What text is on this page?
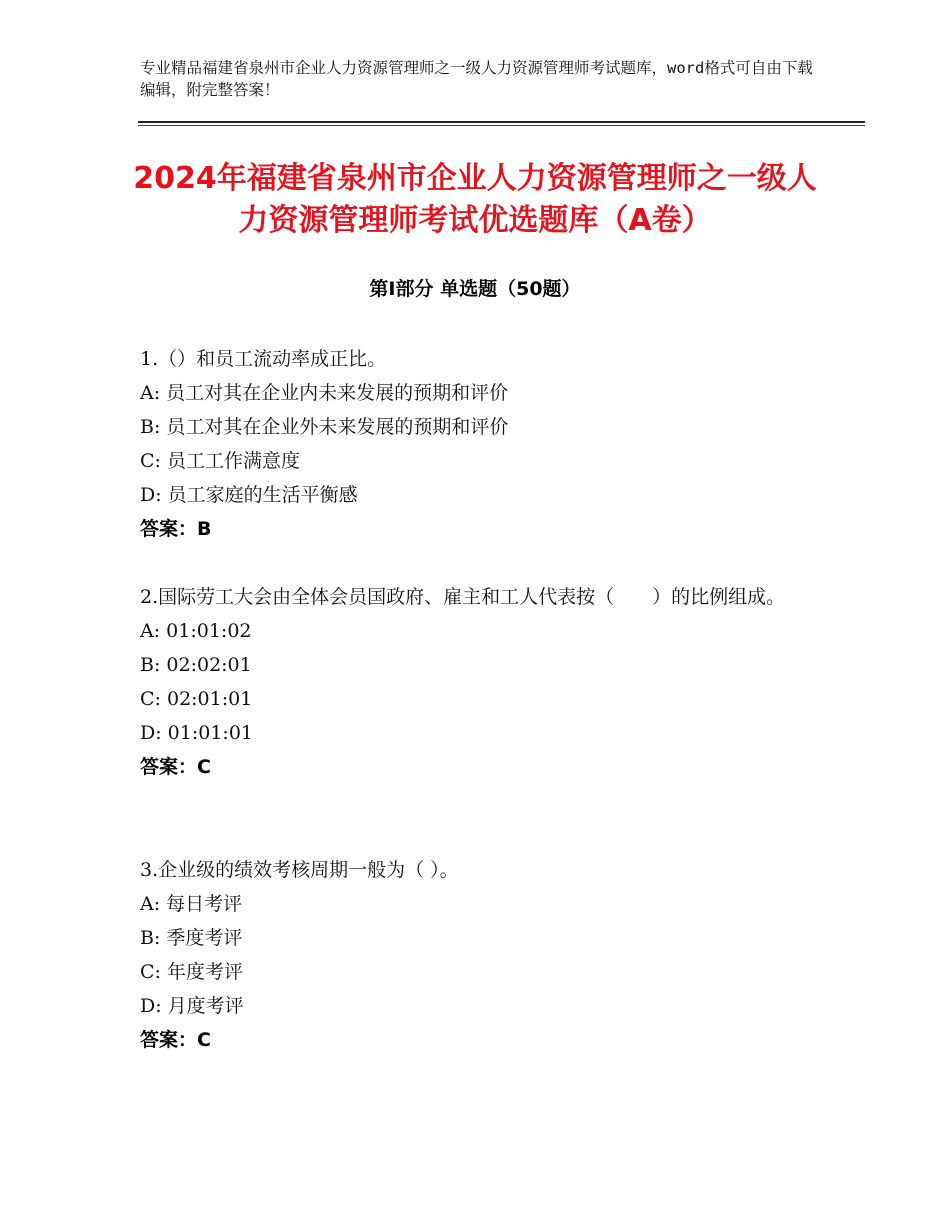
专业精品福建省泉州市企业人力资源管理师之一级人力资源管理师考试题库，word格式可自由下载编辑，附完整答案！
2024年福建省泉州市企业人力资源管理师之一级人力资源管理师考试优选题库（A卷）
第Ⅰ部分 单选题（50题）
1.（）和员工流动率成正比。
A: 员工对其在企业内未来发展的预期和评价
B: 员工对其在企业外未来发展的预期和评价
C: 员工工作满意度
D: 员工家庭的生活平衡感
答案：B
2.国际劳工大会由全体会员国政府、雇主和工人代表按（　　）的比例组成。
A: 01:01:02
B: 02:02:01
C: 02:01:01
D: 01:01:01
答案：C
3.企业级的绩效考核周期一般为（ ）。
A: 每日考评
B: 季度考评
C: 年度考评
D: 月度考评
答案：C
